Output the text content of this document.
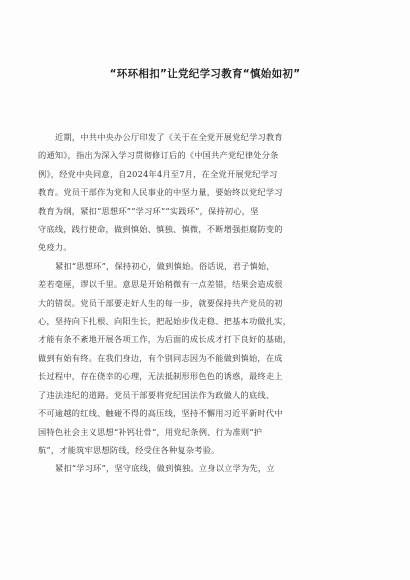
“环环相扣”让党纪学习教育“慎始如初”

近期，中共中央办公厅印发了《关于在全党开展党纪学习教育
的通知》，指出为深入学习贯彻修订后的《中国共产党纪律处分条
例》，经党中央同意，自2024年4月至7月，在全党开展党纪学习
教育。党员干部作为党和人民事业的中坚力量，要始终以党纪学习
教育为纲，紧扣“思想环”“学习环”“实践环”，保持初心，坚
守底线，践行使命，做到慎始、慎独、慎微，不断增强拒腐防变的
免疫力。

紧扣“思想环”，保持初心，做到慎始。俗话说，君子慎始，
差若毫厘，谬以千里。意思是开始稍微有一点差错，结果会造成很
大的错误。党员干部要走好人生的每一步，就要保持共产党员的初
心，坚持向下扎根、向阳生长，把起始步伐走稳、把基本功做扎实，
才能有条不紊地开展各项工作，为后面的成长成才打下良好的基础，
做到有始有终。在我们身边，有个别同志因为不能做到慎始，在成
长过程中，存在侥幸的心理，无法抵制形形色色的诱惑，最终走上
了违法违纪的道路。党员干部要将党纪国法作为政做人的底线、
不可逾越的红线、触碰不得的高压线，坚持不懈用习近平新时代中
国特色社会主义思想“补钙壮骨”，用党纪条例、行为准则“护
航”，才能筑牢思想防线，经受住各种复杂考验。

紧扣“学习环”，坚守底线，做到慎独。立身以立学为先，立
